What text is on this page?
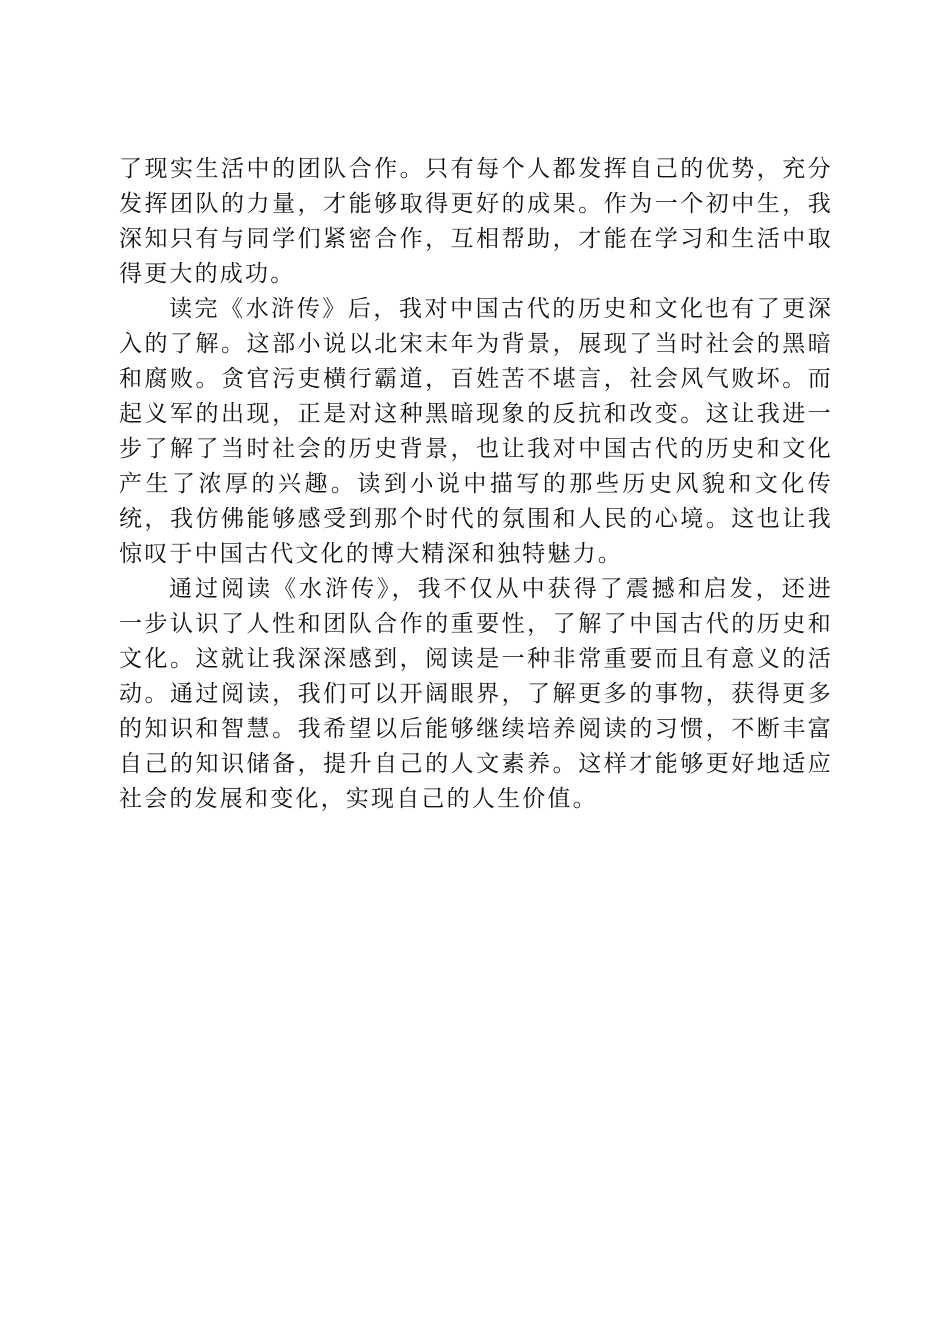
了现实生活中的团队合作。只有每个人都发挥自己的优势，充分发挥团队的力量，才能够取得更好的成果。作为一个初中生，我深知只有与同学们紧密合作，互相帮助，才能在学习和生活中取得更大的成功。

读完《水浒传》后，我对中国古代的历史和文化也有了更深入的了解。这部小说以北宋末年为背景，展现了当时社会的黑暗和腐败。贪官污吏横行霸道，百姓苦不堪言，社会风气败坏。而起义军的出现，正是对这种黑暗现象的反抗和改变。这让我进一步了解了当时社会的历史背景，也让我对中国古代的历史和文化产生了浓厚的兴趣。读到小说中描写的那些历史风貌和文化传统，我仿佛能够感受到那个时代的氛围和人民的心境。这也让我惊叹于中国古代文化的博大精深和独特魅力。

通过阅读《水浒传》，我不仅从中获得了震撼和启发，还进一步认识了人性和团队合作的重要性，了解了中国古代的历史和文化。这就让我深深感到，阅读是一种非常重要而且有意义的活动。通过阅读，我们可以开阔眼界，了解更多的事物，获得更多的知识和智慧。我希望以后能够继续培养阅读的习惯，不断丰富自己的知识储备，提升自己的人文素养。这样才能够更好地适应社会的发展和变化，实现自己的人生价值。
